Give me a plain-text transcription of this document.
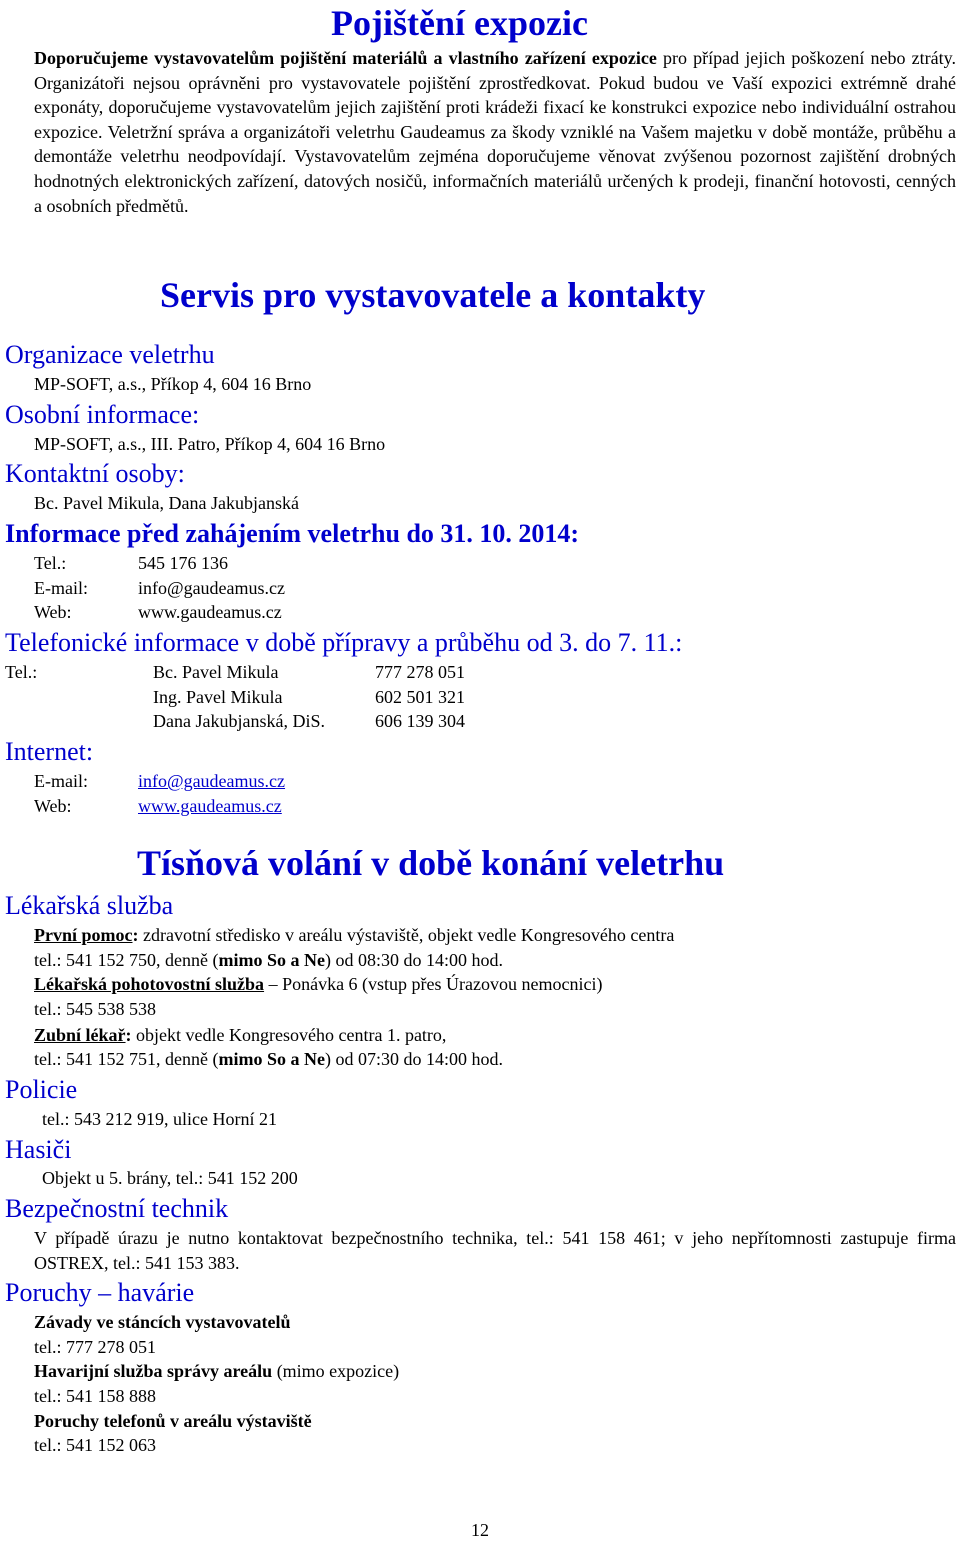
Pojištění expozic
Doporučujeme vystavovatelům pojištění materiálů a vlastního zařízení expozice pro případ jejich poškození nebo ztráty. Organizátoři nejsou oprávněni pro vystavovatele pojištění zprostředkovat. Pokud budou ve Vaší expozici extrémně drahé exponáty, doporučujeme vystavovatelům jejich zajištění proti krádeži fixací ke konstrukci expozice nebo individuální ostrahou expozice. Veletržní správa a organizátoři veletrhu Gaudeamus za škody vzniklé na Vašem majetku v době montáže, průběhu a demontáže veletrhu neodpovídají. Vystavovatelům zejména doporučujeme věnovat zvýšenou pozornost zajištění drobných hodnotných elektronických zařízení, datových nosičů, informačních materiálů určených k prodeji, finanční hotovosti, cenných a osobních předmětů.
Servis pro vystavovatele a kontakty
Organizace veletrhu
MP-SOFT, a.s., Příkop 4, 604 16 Brno
Osobní informace:
MP-SOFT, a.s., III. Patro, Příkop 4, 604 16 Brno
Kontaktní osoby:
Bc. Pavel Mikula, Dana Jakubjanská
Informace před zahájením veletrhu do 31. 10. 2014:
Tel.:	545 176 136
E-mail:	info@gaudeamus.cz
Web:	www.gaudeamus.cz
Telefonické informace v době přípravy a průběhu od 3. do 7. 11.:
Tel.:	Bc. Pavel Mikula	777 278 051
Ing. Pavel Mikula	602 501 321
Dana Jakubjanská, DiS.	606 139 304
Internet:
E-mail:	info@gaudeamus.cz
Web:	www.gaudeamus.cz
Tísňová volání v době konání veletrhu
Lékařská služba
První pomoc: zdravotní středisko v areálu výstaviště, objekt vedle Kongresového centra
tel.: 541 152 750, denně (mimo So a Ne) od 08:30 do 14:00 hod.
Lékařská pohotovostní služba – Ponávka 6 (vstup přes Úrazovou nemocnici)
tel.: 545 538 538
Zubní lékař: objekt vedle Kongresového centra 1. patro,
tel.: 541 152 751, denně (mimo So a Ne) od 07:30 do 14:00 hod.
Policie
tel.: 543 212 919, ulice Horní 21
Hasiči
Objekt u 5. brány, tel.: 541 152 200
Bezpečnostní technik
V případě úrazu je nutno kontaktovat bezpečnostního technika, tel.: 541 158 461; v jeho nepřítomnosti zastupuje firma OSTREX, tel.: 541 153 383.
Poruchy – havárie
Závady ve stáncích vystavovatelů
tel.: 777 278 051
Havarijní služba správy areálu (mimo expozice)
tel.: 541 158 888
Poruchy telefonů v areálu výstaviště
tel.: 541 152 063
12
